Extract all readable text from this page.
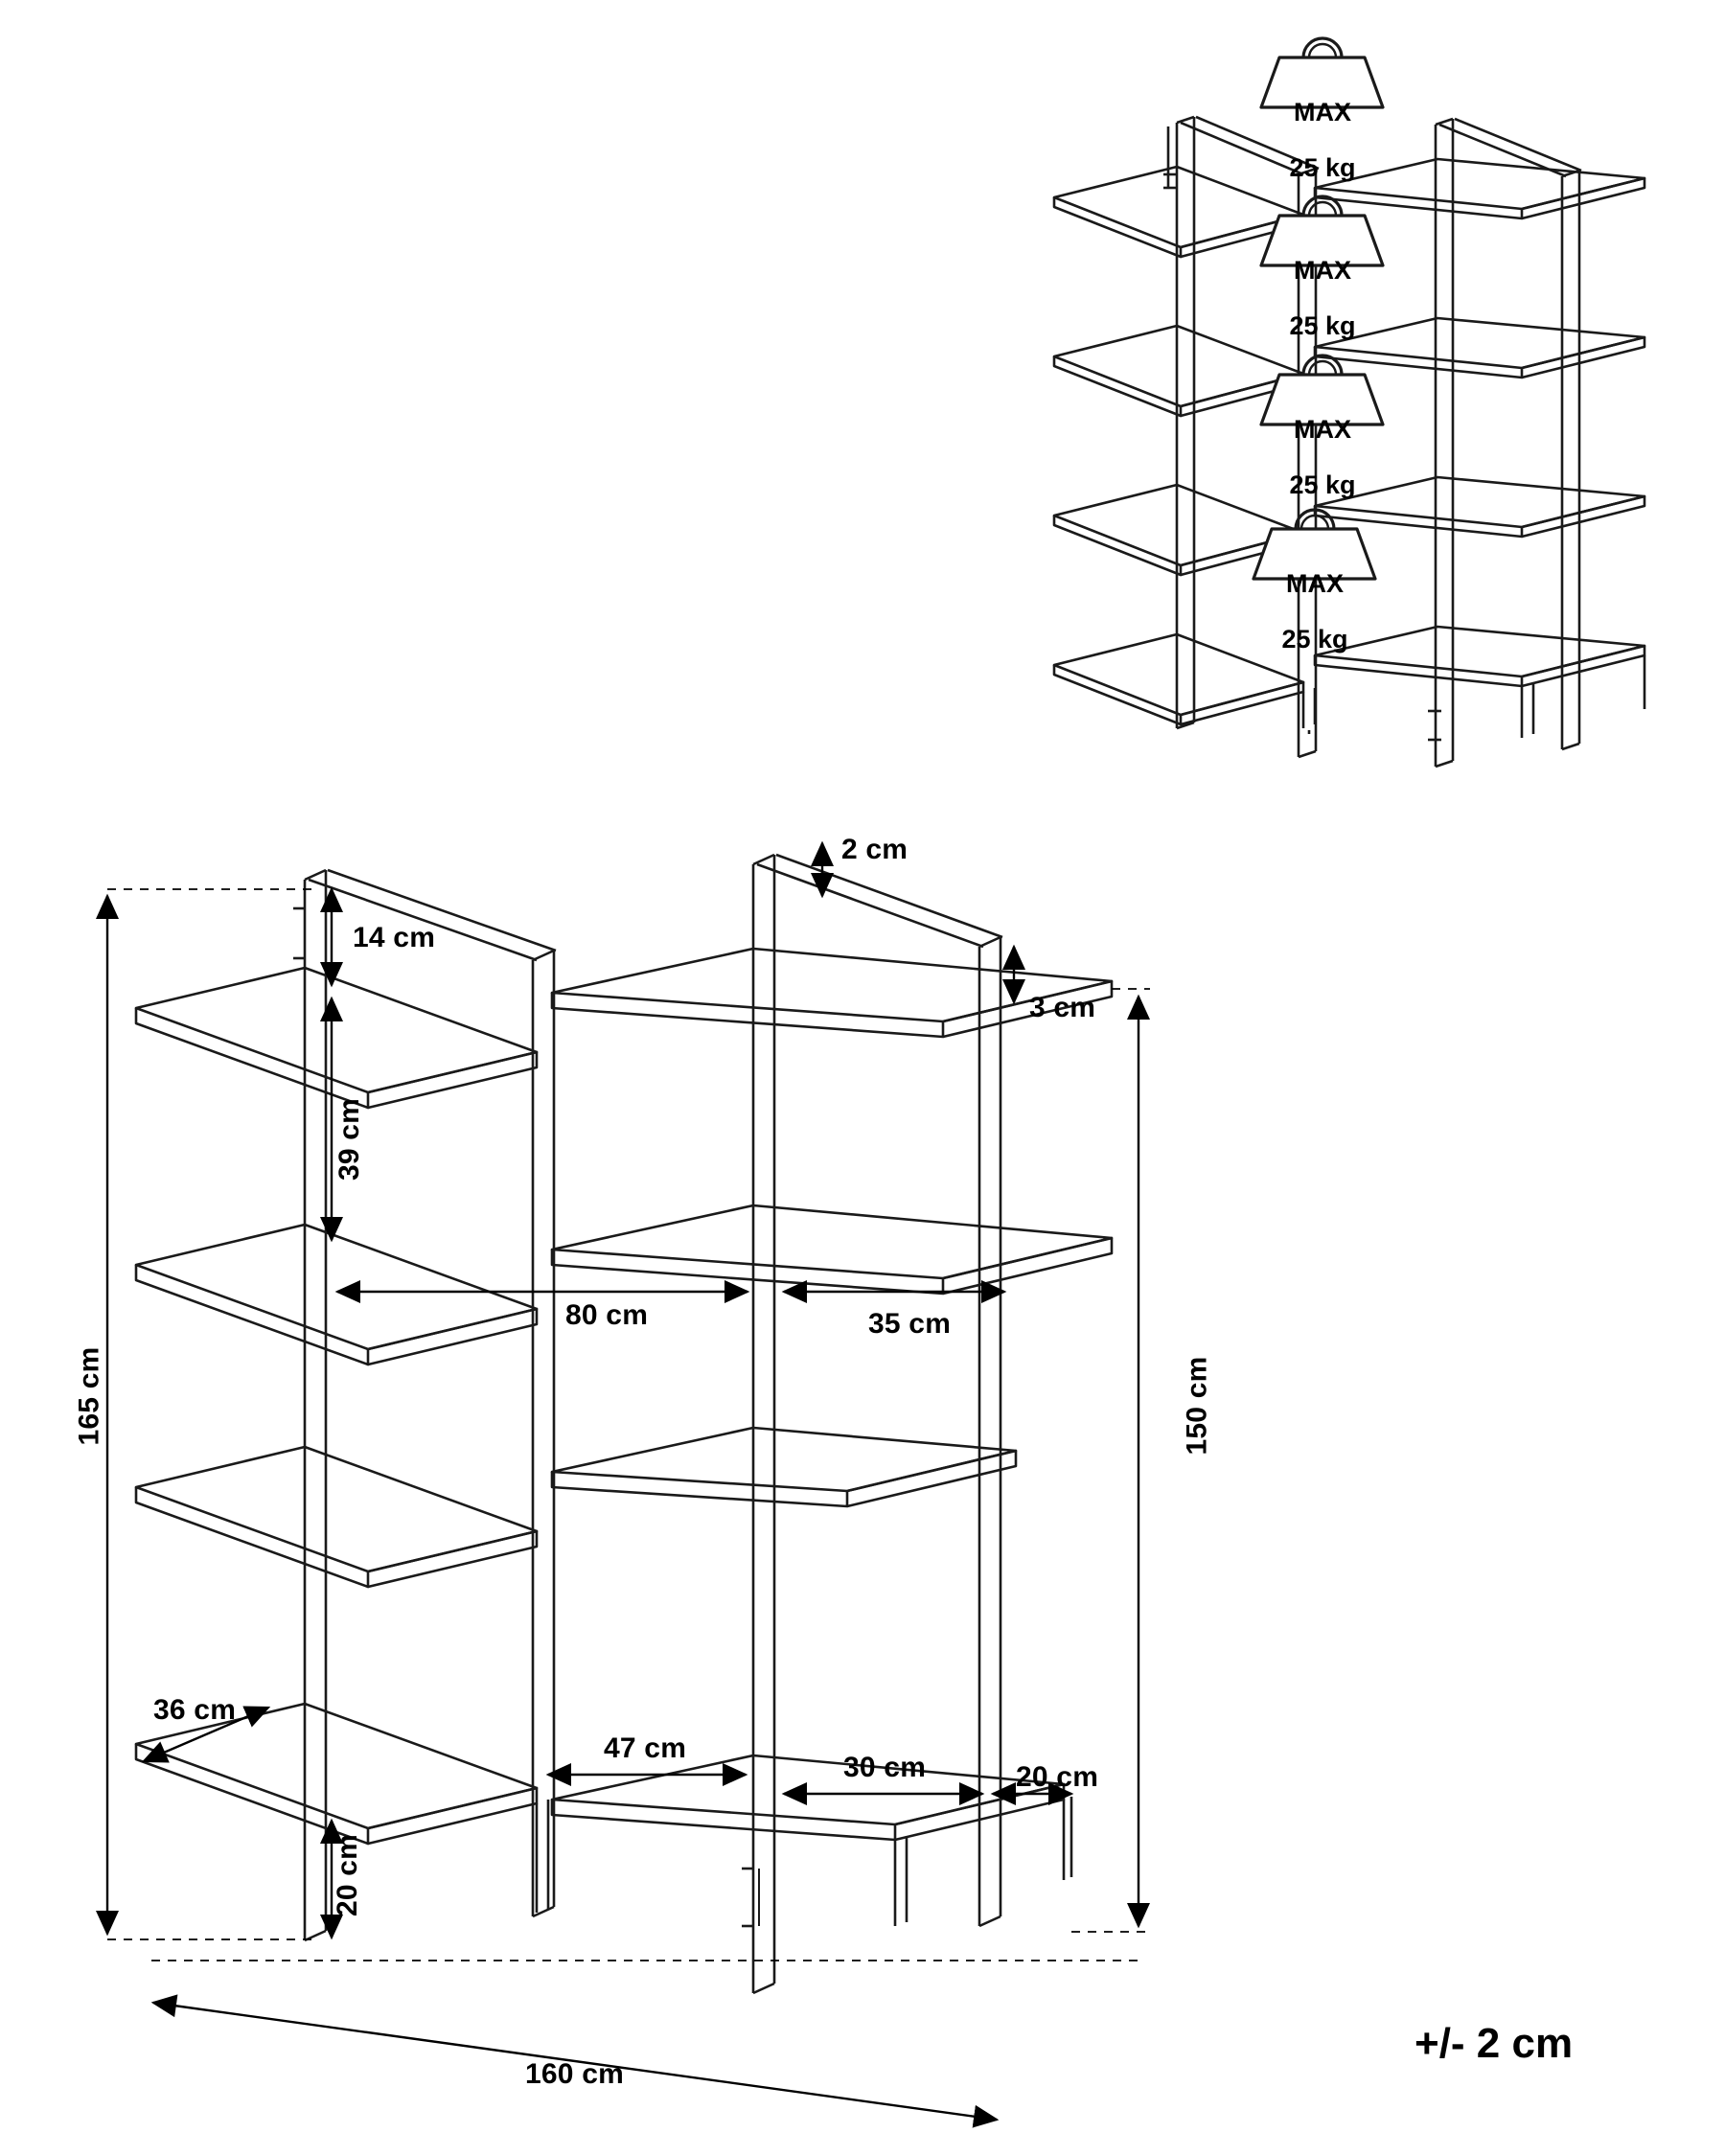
MAX

25 kg

MAX

25 kg

MAX

25 kg

MAX

25 kg

165 cm	150 cm
160 cm
2 cm
14 cm
3 cm
39 cm
80 cm	35 cm
36 cm
20 cm
47 cm
30 cm	20 cm
+/- 2 cm
